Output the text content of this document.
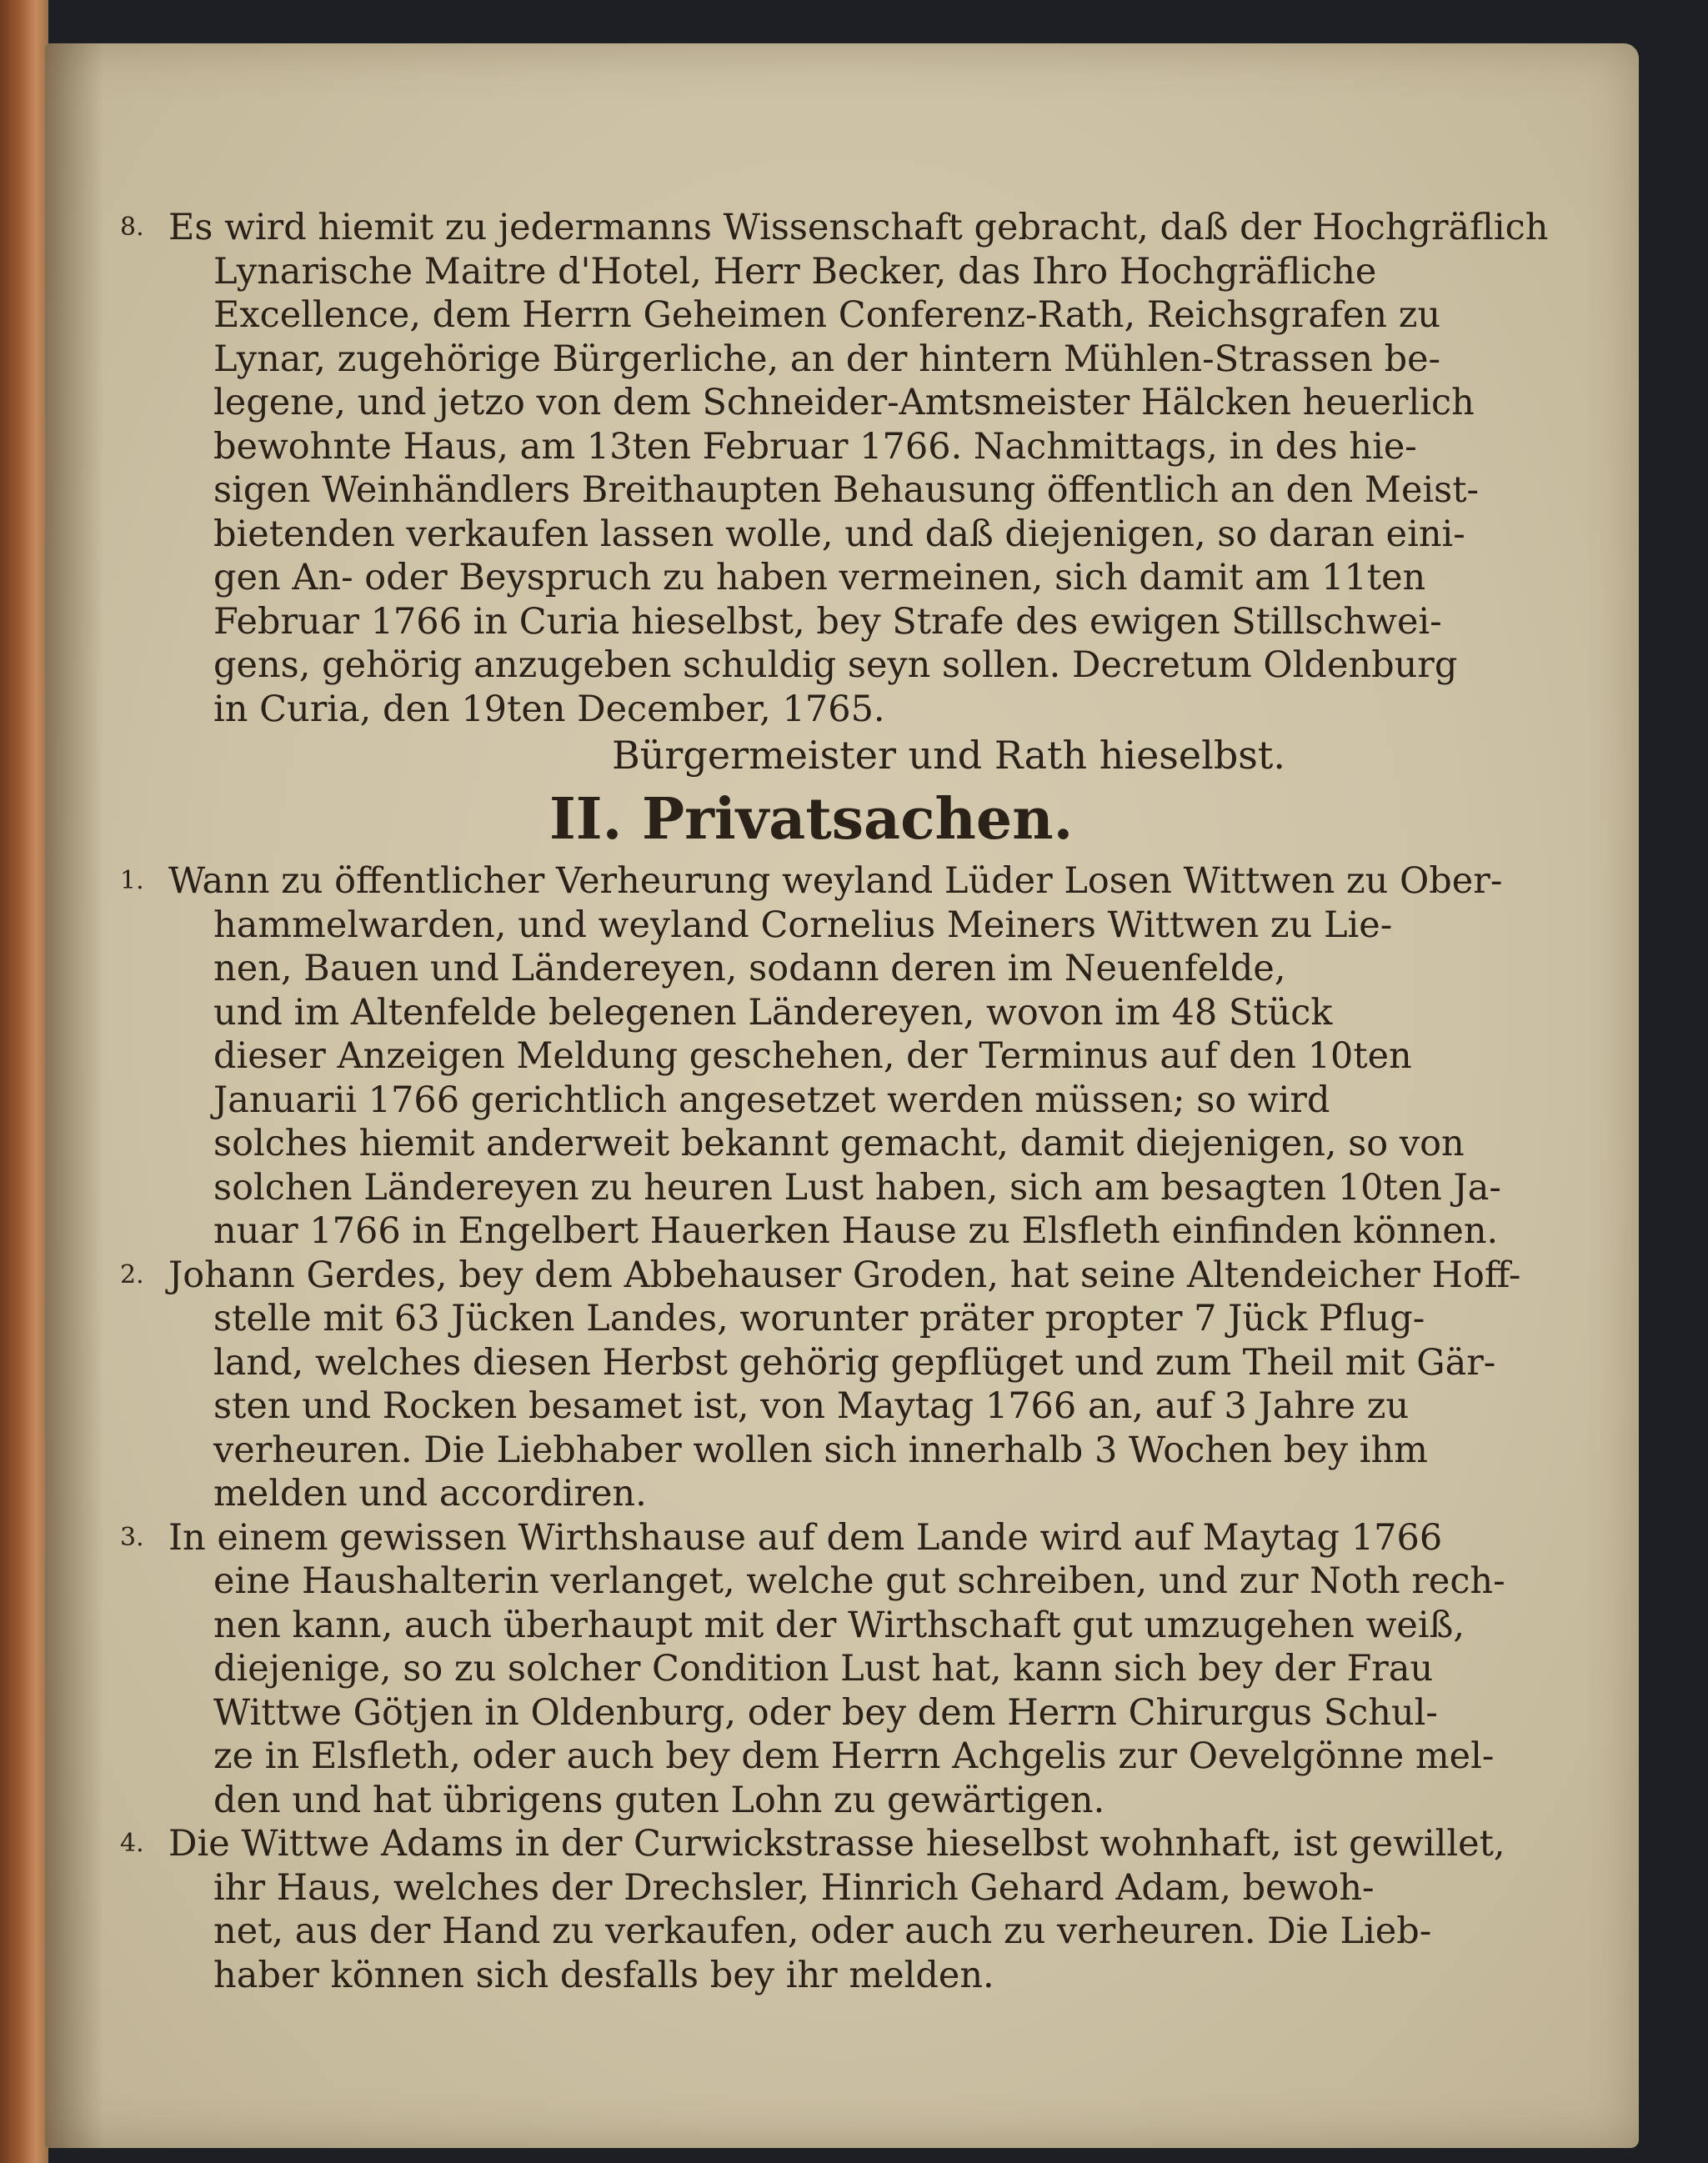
8. Es wird hiemit zu jedermanns Wissenschaft gebracht, daß der Hochgräflich
Lynarische Maitre d'Hotel, Herr Becker, das Ihro Hochgräfliche
Excellence, dem Herrn Geheimen Conferenz-Rath, Reichsgrafen zu
Lynar, zugehörige Bürgerliche, an der hintern Mühlen-Strassen be-
legene, und jetzo von dem Schneider-Amtsmeister Hälcken heuerlich
bewohnte Haus, am 13ten Februar 1766. Nachmittags, in des hie-
sigen Weinhändlers Breithaupten Behausung öffentlich an den Meist-
bietenden verkaufen lassen wolle, und daß diejenigen, so daran eini-
gen An- oder Beyspruch zu haben vermeinen, sich damit am 11ten
Februar 1766 in Curia hieselbst, bey Strafe des ewigen Stillschwei-
gens, gehörig anzugeben schuldig seyn sollen. Decretum Oldenburg
in Curia, den 19ten December, 1765.
Bürgermeister und Rath hieselbst.
II. Privatsachen.
1. Wann zu öffentlicher Verheurung weyland Lüder Losen Wittwen zu Ober-
hammelwarden, und weyland Cornelius Meiners Wittwen zu Lie-
nen, Bauen und Ländereyen, sodann deren im Neuenfelde,
und im Altenfelde belegenen Ländereyen, wovon im 48 Stück
dieser Anzeigen Meldung geschehen, der Terminus auf den 10ten
Januarii 1766 gerichtlich angesetzet werden müssen; so wird
solches hiemit anderweit bekannt gemacht, damit diejenigen, so von
solchen Ländereyen zu heuren Lust haben, sich am besagten 10ten Ja-
nuar 1766 in Engelbert Hauerken Hause zu Elsfleth einfinden können.
2. Johann Gerdes, bey dem Abbehauser Groden, hat seine Altendeicher Hoff-
stelle mit 63 Jücken Landes, worunter präter propter 7 Jück Pflug-
land, welches diesen Herbst gehörig gepflüget und zum Theil mit Gär-
sten und Rocken besamet ist, von Maytag 1766 an, auf 3 Jahre zu
verheuren. Die Liebhaber wollen sich innerhalb 3 Wochen bey ihm
melden und accordiren.
3. In einem gewissen Wirthshause auf dem Lande wird auf Maytag 1766
eine Haushalterin verlanget, welche gut schreiben, und zur Noth rech-
nen kann, auch überhaupt mit der Wirthschaft gut umzugehen weiß,
diejenige, so zu solcher Condition Lust hat, kann sich bey der Frau
Wittwe Götjen in Oldenburg, oder bey dem Herrn Chirurgus Schul-
ze in Elsfleth, oder auch bey dem Herrn Achgelis zur Oevelgönne mel-
den und hat übrigens guten Lohn zu gewärtigen.
4. Die Wittwe Adams in der Curwickstrasse hieselbst wohnhaft, ist gewillet,
ihr Haus, welches der Drechsler, Hinrich Gehard Adam, bewoh-
net, aus der Hand zu verkaufen, oder auch zu verheuren. Die Lieb-
haber können sich desfalls bey ihr melden.
